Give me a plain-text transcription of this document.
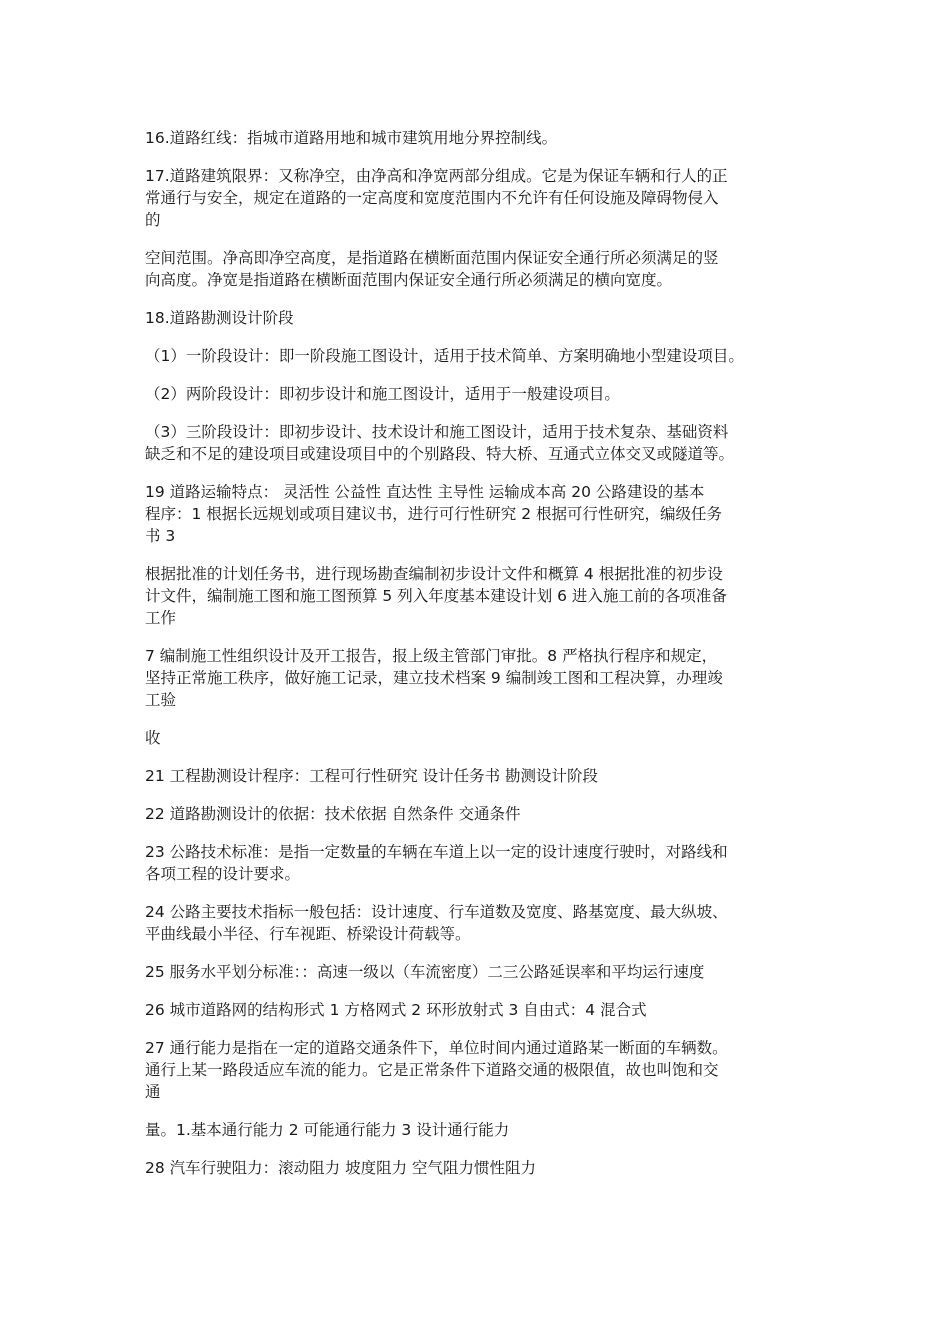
16.道路红线：指城市道路用地和城市建筑用地分界控制线。
17.道路建筑限界：又称净空，由净高和净宽两部分组成。它是为保证车辆和行人的正
常通行与安全，规定在道路的一定高度和宽度范围内不允许有任何设施及障碍物侵入
的
空间范围。净高即净空高度，是指道路在横断面范围内保证安全通行所必须满足的竖
向高度。净宽是指道路在横断面范围内保证安全通行所必须满足的横向宽度。
18.道路勘测设计阶段
（1）一阶段设计：即一阶段施工图设计，适用于技术简单、方案明确地小型建设项目。
（2）两阶段设计：即初步设计和施工图设计，适用于一般建设项目。
（3）三阶段设计：即初步设计、技术设计和施工图设计，适用于技术复杂、基础资料
缺乏和不足的建设项目或建设项目中的个别路段、特大桥、互通式立体交叉或隧道等。
19 道路运输特点： 灵活性 公益性 直达性 主导性 运输成本高 20 公路建设的基本
程序：1 根据长远规划或项目建议书，进行可行性研究 2 根据可行性研究，编级任务
书 3
根据批准的计划任务书，进行现场勘查编制初步设计文件和概算 4 根据批准的初步设
计文件，编制施工图和施工图预算 5 列入年度基本建设计划 6 进入施工前的各项准备
工作
7 编制施工性组织设计及开工报告，报上级主管部门审批。8 严格执行程序和规定，
坚持正常施工秩序，做好施工记录，建立技术档案 9 编制竣工图和工程决算，办理竣
工验
收
21 工程勘测设计程序：工程可行性研究 设计任务书 勘测设计阶段
22 道路勘测设计的依据：技术依据 自然条件 交通条件
23 公路技术标准：是指一定数量的车辆在车道上以一定的设计速度行驶时，对路线和
各项工程的设计要求。
24 公路主要技术指标一般包括：设计速度、行车道数及宽度、路基宽度、最大纵坡、
平曲线最小半径、行车视距、桥梁设计荷载等。
25 服务水平划分标准：：高速一级以（车流密度）二三公路延误率和平均运行速度
26 城市道路网的结构形式 1 方格网式 2 环形放射式 3 自由式：4 混合式
27 通行能力是指在一定的道路交通条件下，单位时间内通过道路某一断面的车辆数。
通行上某一路段适应车流的能力。它是正常条件下道路交通的极限值，故也叫饱和交
通
量。1.基本通行能力 2 可能通行能力 3 设计通行能力
28 汽车行驶阻力：滚动阻力 坡度阻力 空气阻力惯性阻力
